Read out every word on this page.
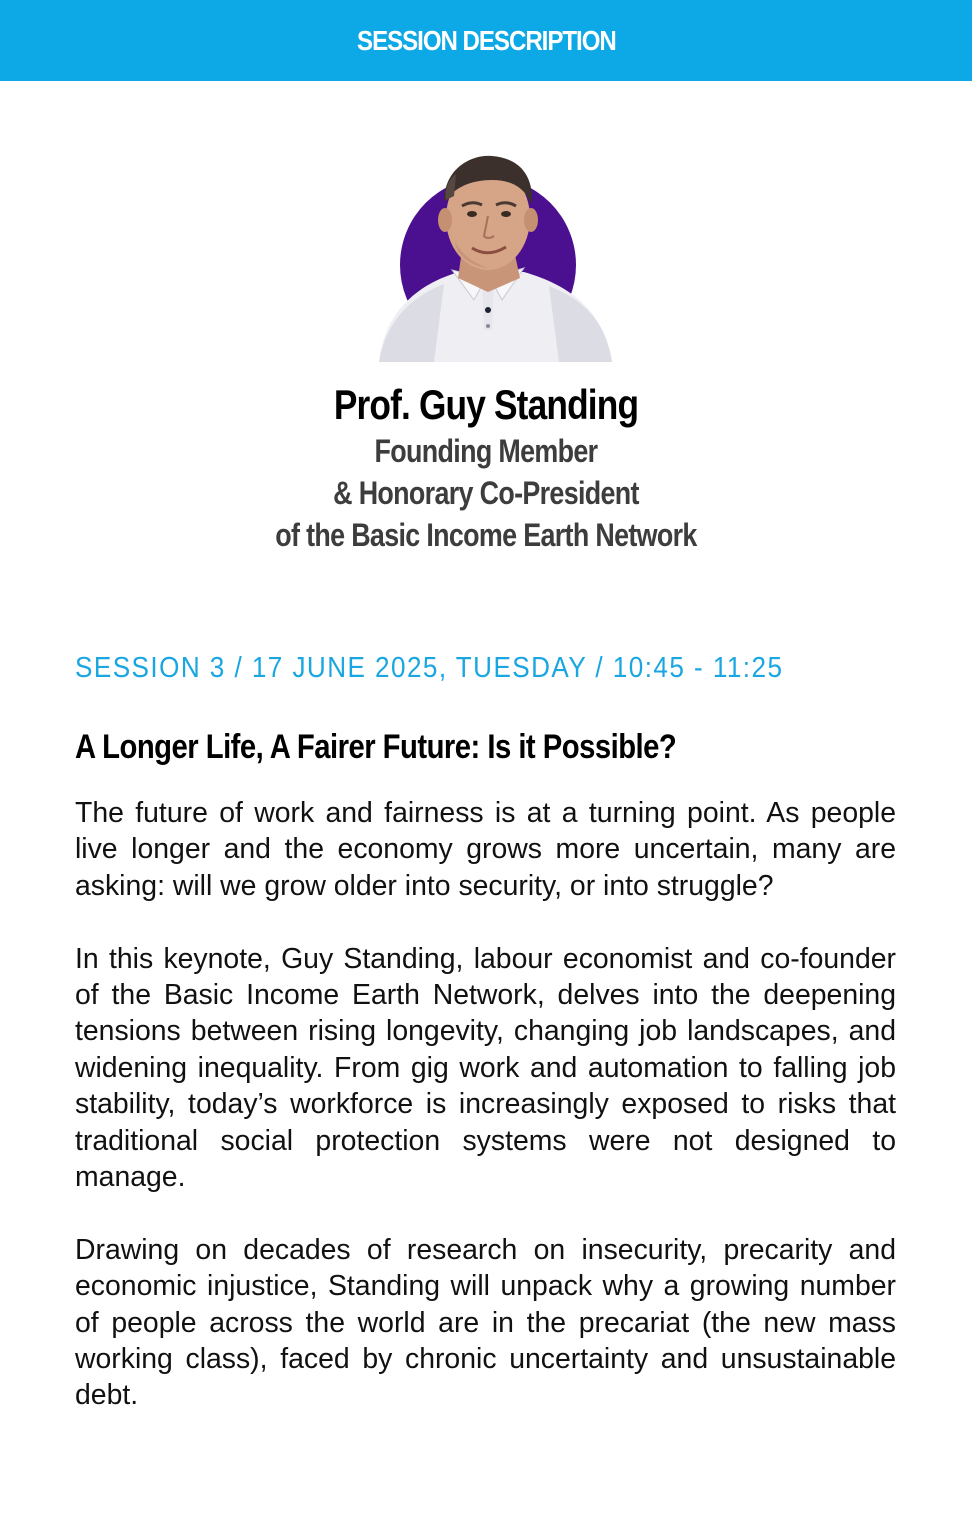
SESSION DESCRIPTION
Prof. Guy Standing
Founding Member
& Honorary Co-President
of the Basic Income Earth Network
SESSION 3 / 17 JUNE 2025, TUESDAY / 10:45 - 11:25
A Longer Life, A Fairer Future: Is it Possible?

The future of work and fairness is at a turning point. As people live longer and the economy grows more uncertain, many are asking: will we grow older into security, or into struggle?

In this keynote, Guy Standing, labour economist and co-founder of the Basic Income Earth Network, delves into the deepening tensions between rising longevity, changing job landscapes, and widening inequality. From gig work and automation to falling job stability, today’s workforce is increasingly exposed to risks that traditional social protection systems were not designed to manage.

Drawing on decades of research on insecurity, precarity and economic injustice, Standing will unpack why a growing number of people across the world are in the precariat (the new mass working class), faced by chronic uncertainty and unsustainable debt.
